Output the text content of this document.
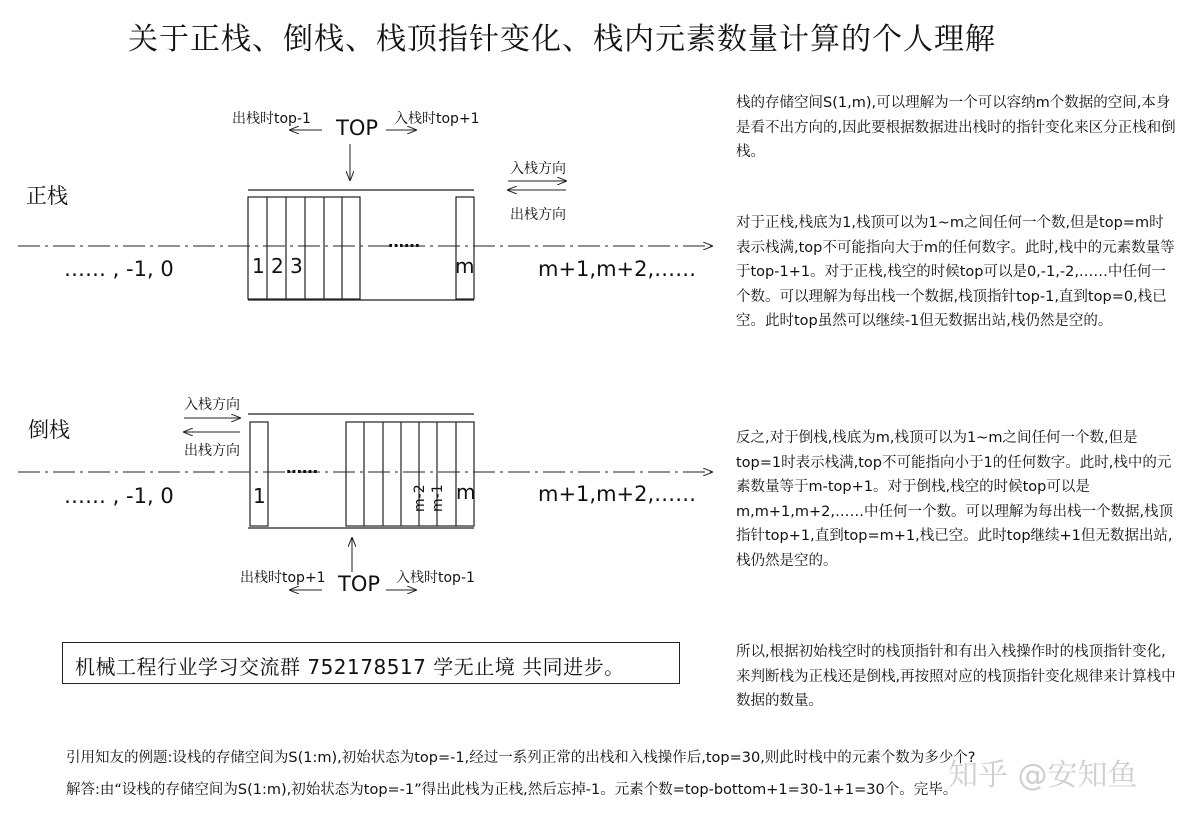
关于正栈、倒栈、栈顶指针变化、栈内元素数量计算的个人理解
正栈
出栈时top-1 TOP 入栈时top+1
入栈方向
出栈方向
…… , -1, 0	1 2 3
……
m	m+1,m+2,……
倒栈
入栈方向
出栈方向
…… , -1, 0	1
……
m-2 m-1 m	m+1,m+2,……
出栈时top+1 TOP 入栈时top-1

栈的存储空间S(1,m),可以理解为一个可以容纳m个数据的空间,本身是看不出方向的,因此要根据数据进出栈时的指针变化来区分正栈和倒栈。

对于正栈,栈底为1,栈顶可以为1~m之间任何一个数,但是top=m时表示栈满,top不可能指向大于m的任何数字。此时,栈中的元素数量等于top-1+1。对于正栈,栈空的时候top可以是0,-1,-2,……中任何一个数。可以理解为每出栈一个数据,栈顶指针top-1,直到top=0,栈已空。此时top虽然可以继续-1但无数据出站,栈仍然是空的。

反之,对于倒栈,栈底为m,栈顶可以为1~m之间任何一个数,但是top=1时表示栈满,top不可能指向小于1的任何数字。此时,栈中的元素数量等于m-top+1。对于倒栈,栈空的时候top可以是m,m+1,m+2,……中任何一个数。可以理解为每出栈一个数据,栈顶指针top+1,直到top=m+1,栈已空。此时top继续+1但无数据出站,栈仍然是空的。

所以,根据初始栈空时的栈顶指针和有出入栈操作时的栈顶指针变化,来判断栈为正栈还是倒栈,再按照对应的栈顶指针变化规律来计算栈中数据的数量。

机械工程行业学习交流群 752178517 学无止境 共同进步。
引用知友的例题:设栈的存储空间为S(1:m),初始状态为top=-1,经过一系列正常的出栈和入栈操作后,top=30,则此时栈中的元素个数为多少个?
解答:由“设栈的存储空间为S(1:m),初始状态为top=-1”得出此栈为正栈,然后忘掉-1。元素个数=top-bottom+1=30-1+1=30个。完毕。
知乎 @安知鱼
